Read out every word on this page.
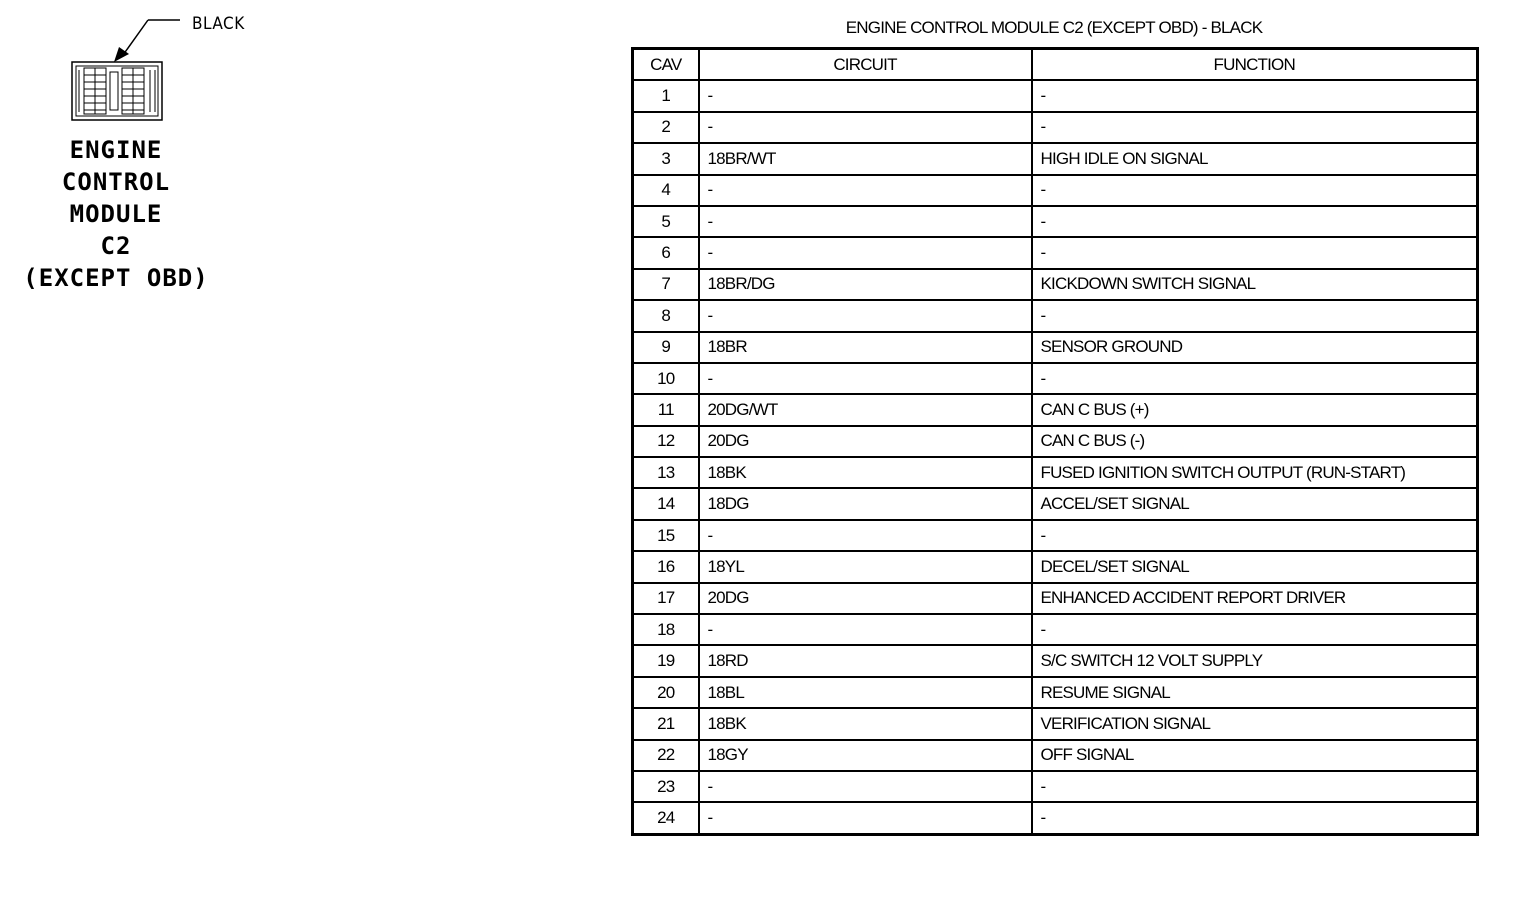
BLACK
ENGINE
CONTROL
MODULE
C2
(EXCEPT OBD)
ENGINE CONTROL MODULE C2 (EXCEPT OBD) - BLACK
CAV	CIRCUIT	FUNCTION
1	-	-
2	-	-
3	18BR/WT	HIGH IDLE ON SIGNAL
4	-	-
5	-	-
6	-	-
7	18BR/DG	KICKDOWN SWITCH SIGNAL
8	-	-
9	18BR	SENSOR GROUND
10	-	-
11	20DG/WT	CAN C BUS (+)
12	20DG	CAN C BUS (-)
13	18BK	FUSED IGNITION SWITCH OUTPUT (RUN-START)
14	18DG	ACCEL/SET SIGNAL
15	-	-
16	18YL	DECEL/SET SIGNAL
17	20DG	ENHANCED ACCIDENT REPORT DRIVER
18	-	-
19	18RD	S/C SWITCH 12 VOLT SUPPLY
20	18BL	RESUME SIGNAL
21	18BK	VERIFICATION SIGNAL
22	18GY	OFF SIGNAL
23	-	-
24	-	-
